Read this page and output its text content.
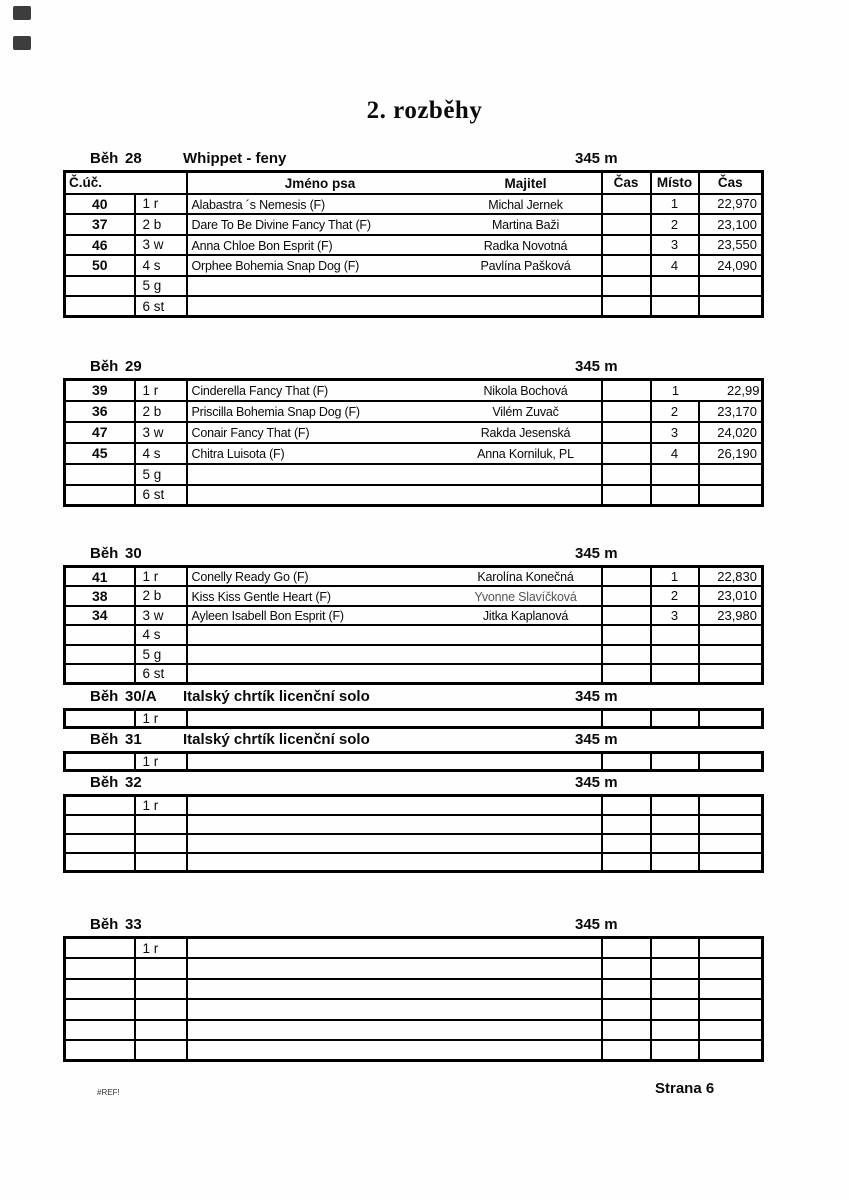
2. rozběhy
Běh 28	Whippet - feny	345 m
Č.úč.		Jméno psa Majitel	Čas	Místo	Čas
40	1 r	Alabastra ´s Nemesis (F) Michal Jernek		1	22,970
37	2 b	Dare To Be Divine Fancy That (F) Martina Baži		2	23,100
46	3 w	Anna Chloe Bon Esprit (F) Radka Novotná		3	23,550
50	4 s	Orphee Bohemia Snap Dog (F) Pavlína Pašková		4	24,090
	5 g				
	6 st				
Běh 29	345 m
39	1 r	Cinderella Fancy That (F) Nikola Bochová		1 22,99	
36	2 b	Priscilla Bohemia Snap Dog (F) Vilém Zuvač		2	23,170
47	3 w	Conair Fancy That (F) Rakda Jesenská		3	24,020
45	4 s	Chitra Luisota (F) Anna Korniluk, PL		4	26,190
	5 g				
	6 st				
Běh 30	345 m
41	1 r	Conelly Ready Go (F) Karolína Konečná		1	22,830
38	2 b	Kiss Kiss Gentle Heart (F) Yvonne Slavíčková		2	23,010
34	3 w	Ayleen Isabell Bon Esprit (F) Jitka Kaplanová		3	23,980
	4 s				
	5 g				
	6 st				
Běh 30/A Italský chrtík licenční solo	345 m
	1 r				
Běh 31	Italský chrtík licenční solo	345 m
	1 r				
Běh 32	345 m
	1 r				

Běh 33	345 m
	1 r				

#REF!	Strana 6
